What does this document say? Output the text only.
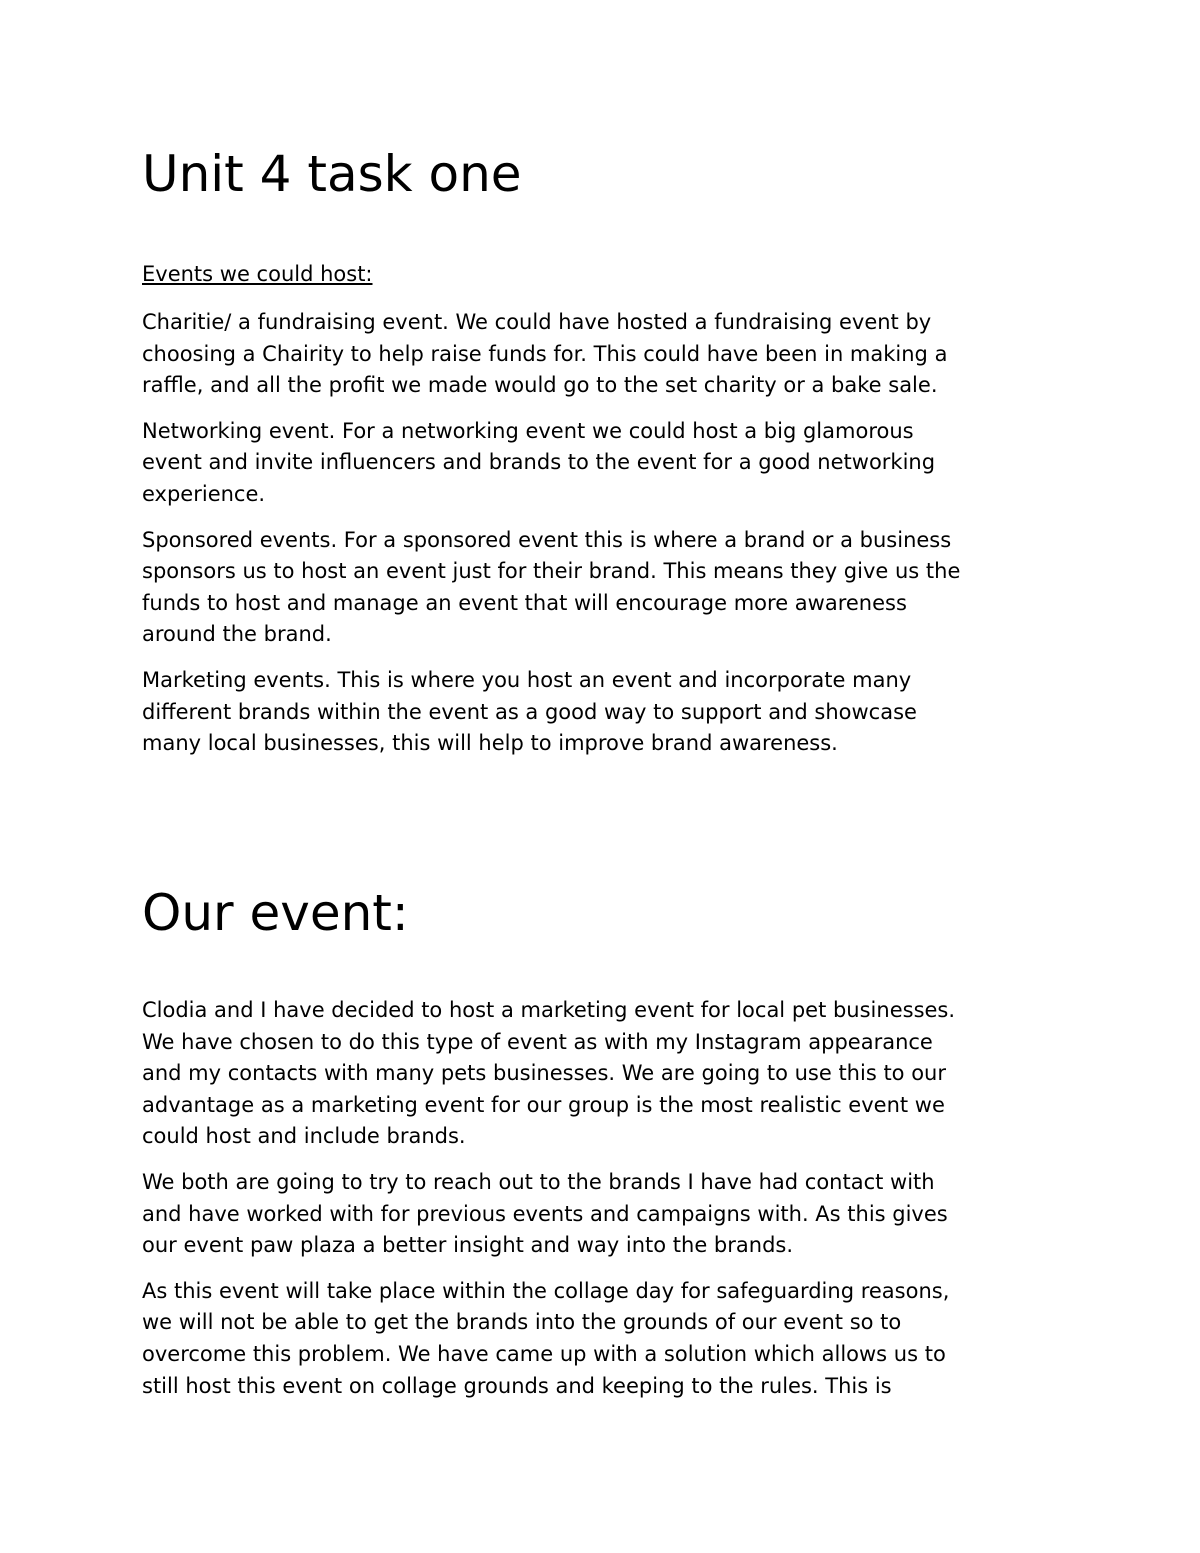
Unit 4 task one
Events we could host:

Charitie/ a fundraising event. We could have hosted a fundraising event by
choosing a Chairity to help raise funds for. This could have been in making a
raffle, and all the profit we made would go to the set charity or a bake sale.

Networking event. For a networking event we could host a big glamorous
event and invite influencers and brands to the event for a good networking
experience.

Sponsored events. For a sponsored event this is where a brand or a business
sponsors us to host an event just for their brand. This means they give us the
funds to host and manage an event that will encourage more awareness
around the brand.

Marketing events. This is where you host an event and incorporate many
different brands within the event as a good way to support and showcase
many local businesses, this will help to improve brand awareness.

Our event:

Clodia and I have decided to host a marketing event for local pet businesses.
We have chosen to do this type of event as with my Instagram appearance
and my contacts with many pets businesses. We are going to use this to our
advantage as a marketing event for our group is the most realistic event we
could host and include brands.

We both are going to try to reach out to the brands I have had contact with
and have worked with for previous events and campaigns with. As this gives
our event paw plaza a better insight and way into the brands.

As this event will take place within the collage day for safeguarding reasons,
we will not be able to get the brands into the grounds of our event so to
overcome this problem. We have came up with a solution which allows us to
still host this event on collage grounds and keeping to the rules. This is
